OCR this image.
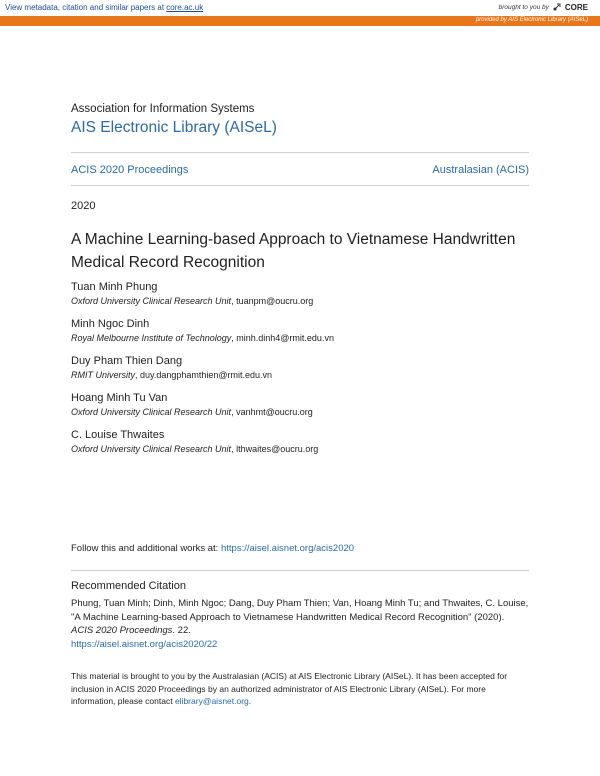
View metadata, citation and similar papers at core.ac.uk	brought to you by CORE
provided by AIS Electronic Library (AISeL)
Association for Information Systems
AIS Electronic Library (AISeL)
ACIS 2020 Proceedings	Australasian (ACIS)
2020
A Machine Learning-based Approach to Vietnamese Handwritten Medical Record Recognition
Tuan Minh Phung
Oxford University Clinical Research Unit, tuanpm@oucru.org
Minh Ngoc Dinh
Royal Melbourne Institute of Technology, minh.dinh4@rmit.edu.vn
Duy Pham Thien Dang
RMIT University, duy.dangphamthien@rmit.edu.vn
Hoang Minh Tu Van
Oxford University Clinical Research Unit, vanhmt@oucru.org
C. Louise Thwaites
Oxford University Clinical Research Unit, lthwaites@oucru.org
Follow this and additional works at: https://aisel.aisnet.org/acis2020
Recommended Citation
Phung, Tuan Minh; Dinh, Minh Ngoc; Dang, Duy Pham Thien; Van, Hoang Minh Tu; and Thwaites, C. Louise,
"A Machine Learning-based Approach to Vietnamese Handwritten Medical Record Recognition" (2020).
ACIS 2020 Proceedings. 22.
https://aisel.aisnet.org/acis2020/22
This material is brought to you by the Australasian (ACIS) at AIS Electronic Library (AISeL). It has been accepted for
inclusion in ACIS 2020 Proceedings by an authorized administrator of AIS Electronic Library (AISeL). For more
information, please contact elibrary@aisnet.org.
